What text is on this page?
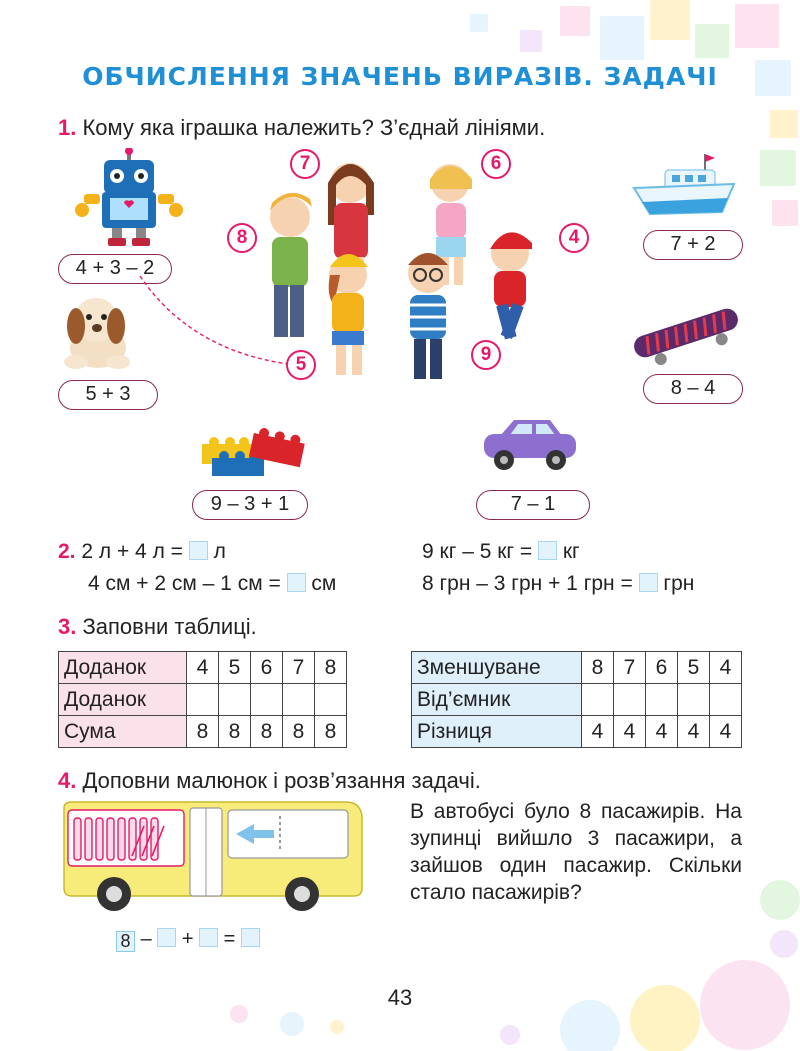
ОБЧИСЛЕННЯ ЗНАЧЕНЬ ВИРАЗІВ. ЗАДАЧІ
1. Кому яка іграшка належить? З’єднай лініями.
4 + 3 – 2
5 + 3
7 + 2
8 – 4
9 – 3 + 1	7 – 1
7	6
8	4
5	9
2. 2 л + 4 л = л
4 см + 2 см – 1 см = см
9 кг – 5 кг = кг
8 грн – 3 грн + 1 грн = грн
3. Заповни таблиці.
Доданок	4	5	6	7	8
Доданок					
Сума	8	8	8	8	8
Зменшуване	8	7	6	5	4
Від’ємник					
Різниця	4	4	4	4	4
4. Доповни малюнок і розв’язання задачі.
8 – + =
В автобусі було 8 пасажирів. На зупинці вийшло 3 пасажири, а зайшов один пасажир. Скільки стало пасажирів?
43
